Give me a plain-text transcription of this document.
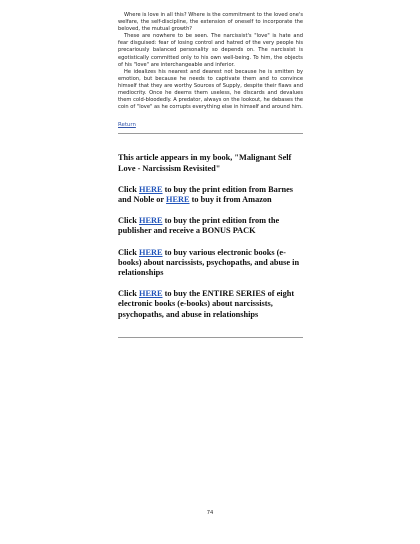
Where is love in all this? Where is the commitment to the loved one's welfare, the self-discipline, the extension of oneself to incorporate the beloved, the mutual growth?

These are nowhere to be seen. The narcissist's "love" is hate and fear disguised: fear of losing control and hatred of the very people his precariously balanced personality so depends on. The narcissist is egotistically committed only to his own well-being. To him, the objects of his "love" are interchangeable and inferior.

He idealizes his nearest and dearest not because he is smitten by emotion, but because he needs to captivate them and to convince himself that they are worthy Sources of Supply, despite their flaws and mediocrity. Once he deems them useless, he discards and devalues them cold-bloodedly. A predator, always on the lookout, he debases the coin of "love" as he corrupts everything else in himself and around him.

Return

This article appears in my book, "Malignant Self Love - Narcissism Revisited"

Click HERE to buy the print edition from Barnes and Noble or HERE to buy it from Amazon

Click HERE to buy the print edition from the publisher and receive a BONUS PACK

Click HERE to buy various electronic books (e-books) about narcissists, psychopaths, and abuse in relationships

Click HERE to buy the ENTIRE SERIES of eight electronic books (e-books) about narcissists, psychopaths, and abuse in relationships

74
